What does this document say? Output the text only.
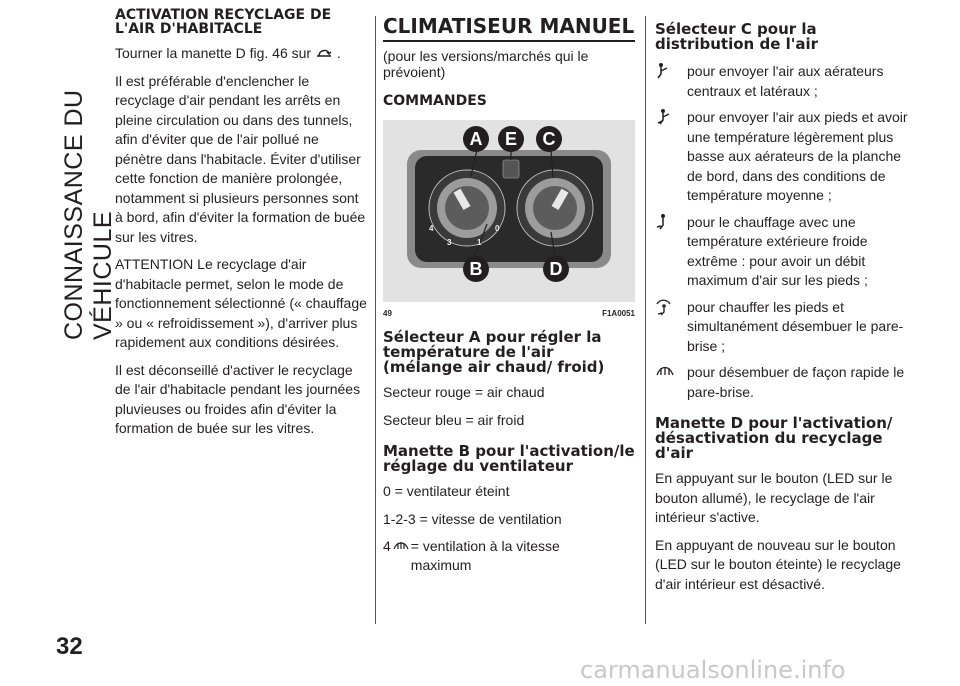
CONNAISSANCE DU VÉHICULE
32
carmanualsonline.info
ACTIVATION RECYCLAGE DE L'AIR D'HABITACLE

Tourner la manette D fig. 46 sur .

Il est préférable d'enclencher le recyclage d'air pendant les arrêts en pleine circulation ou dans des tunnels, afin d'éviter que de l'air pollué ne pénètre dans l'habitacle. Éviter d'utiliser cette fonction de manière prolongée, notamment si plusieurs personnes sont à bord, afin d'éviter la formation de buée sur les vitres.

ATTENTION Le recyclage d'air d'habitacle permet, selon le mode de fonctionnement sélectionné (« chauffage » ou « refroidissement »), d'arriver plus rapidement aux conditions désirées.

Il est déconseillé d'activer le recyclage de l'air d'habitacle pendant les journées pluvieuses ou froides afin d'éviter la formation de buée sur les vitres.

CLIMATISEUR MANUEL

(pour les versions/marchés qui le prévoient)

COMMANDES
4
3	1
0
A	E	C
B	D
49	F1A0051
Sélecteur A pour régler la température de l'air (mélange air chaud/ froid)

Secteur rouge = air chaud

Secteur bleu = air froid

Manette B pour l'activation/le réglage du ventilateur

0 = ventilateur éteint

1-2-3 = vitesse de ventilation

4 = ventilation à la vitesse maximum
Sélecteur C pour la distribution de l'air

pour envoyer l'air aux aérateurs centraux et latéraux ;

pour envoyer l'air aux pieds et avoir une température légèrement plus basse aux aérateurs de la planche de bord, dans des conditions de température moyenne ;

pour le chauffage avec une température extérieure froide extrême : pour avoir un débit maximum d'air sur les pieds ;

pour chauffer les pieds et simultanément désembuer le pare-brise ;

pour désembuer de façon rapide le pare-brise.

Manette D pour l'activation/ désactivation du recyclage d'air

En appuyant sur le bouton (LED sur le bouton allumé), le recyclage de l'air intérieur s'active.

En appuyant de nouveau sur le bouton (LED sur le bouton éteinte) le recyclage d'air intérieur est désactivé.
